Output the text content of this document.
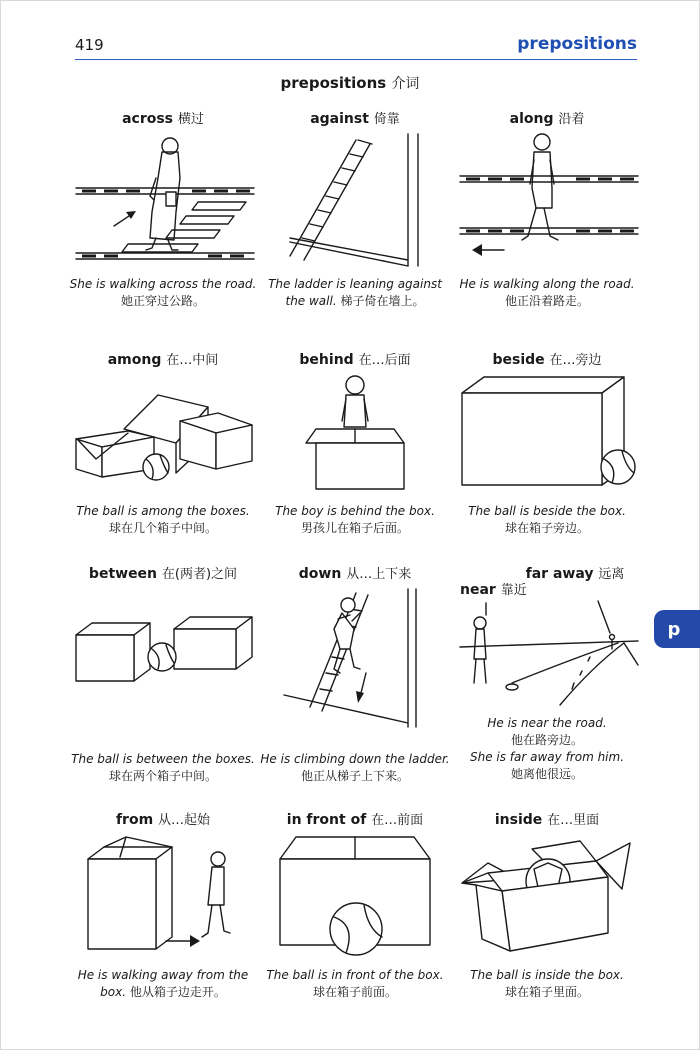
419	prepositions
prepositions 介词
p
across 横过
She is walking across the road.
她正穿过公路。
against 倚靠
The ladder is leaning against
the wall. 梯子倚在墙上。
along 沿着
He is walking along the road.
他正沿着路走。
among 在…中间
The ball is among the boxes.
球在几个箱子中间。
behind 在…后面
The boy is behind the box.
男孩儿在箱子后面。
beside 在…旁边
The ball is beside the box.
球在箱子旁边。
between 在(两者)之间
The ball is between the boxes.
球在两个箱子中间。
down 从…上下来
He is climbing down the ladder.
他正从梯子上下来。
far away 远离
near 靠近
He is near the road.
他在路旁边。
She is far away from him.
她离他很远。
from 从…起始
He is walking away from the
box. 他从箱子边走开。
in front of 在…前面
The ball is in front of the box.
球在箱子前面。
inside 在…里面
The ball is inside the box.
球在箱子里面。
